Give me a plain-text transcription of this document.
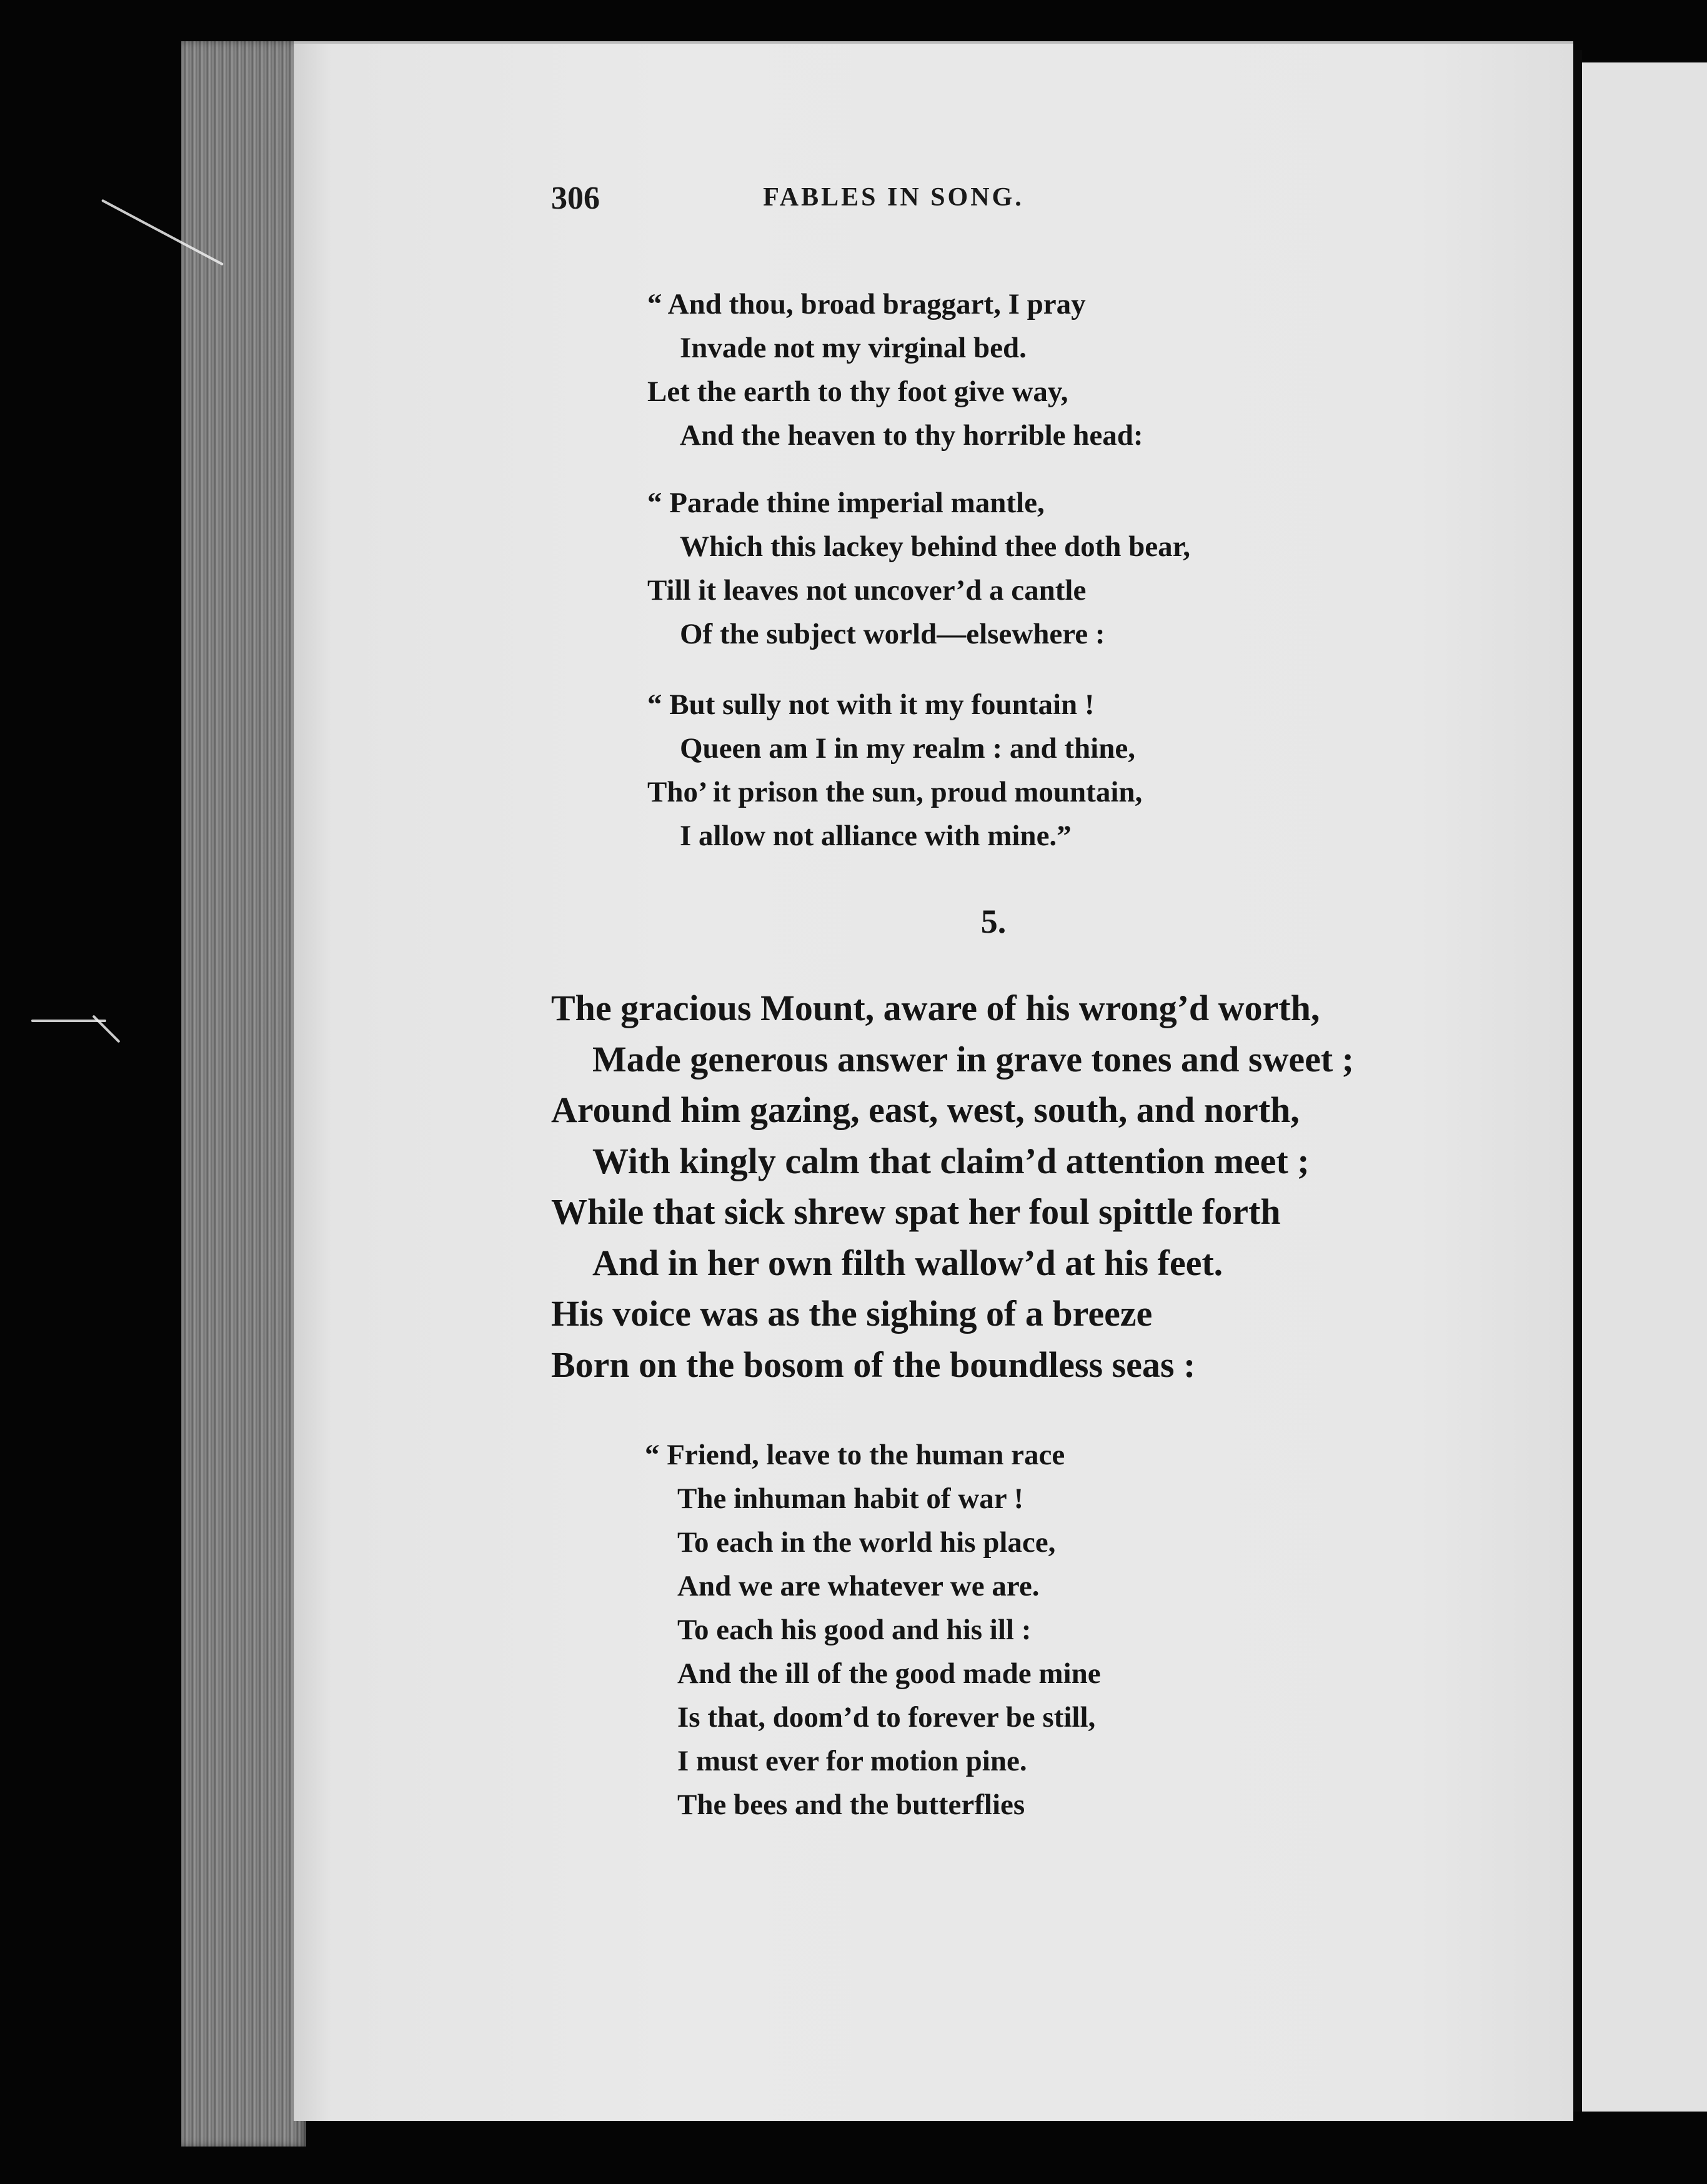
306	FABLES IN SONG.
“ And thou, broad braggart, I pray
Invade not my virginal bed.
Let the earth to thy foot give way,
And the heaven to thy horrible head:
“ Parade thine imperial mantle,
Which this lackey behind thee doth bear,
Till it leaves not uncover’d a cantle
Of the subject world—elsewhere :
“ But sully not with it my fountain !
Queen am I in my realm : and thine,
Tho’ it prison the sun, proud mountain,
I allow not alliance with mine.”
5.
The gracious Mount, aware of his wrong’d worth,
Made generous answer in grave tones and sweet ;
Around him gazing, east, west, south, and north,
With kingly calm that claim’d attention meet ;
While that sick shrew spat her foul spittle forth
And in her own filth wallow’d at his feet.
His voice was as the sighing of a breeze
Born on the bosom of the boundless seas :
“ Friend, leave to the human race
The inhuman habit of war !
To each in the world his place,
And we are whatever we are.
To each his good and his ill :
And the ill of the good made mine
Is that, doom’d to forever be still,
I must ever for motion pine.
The bees and the butterflies
